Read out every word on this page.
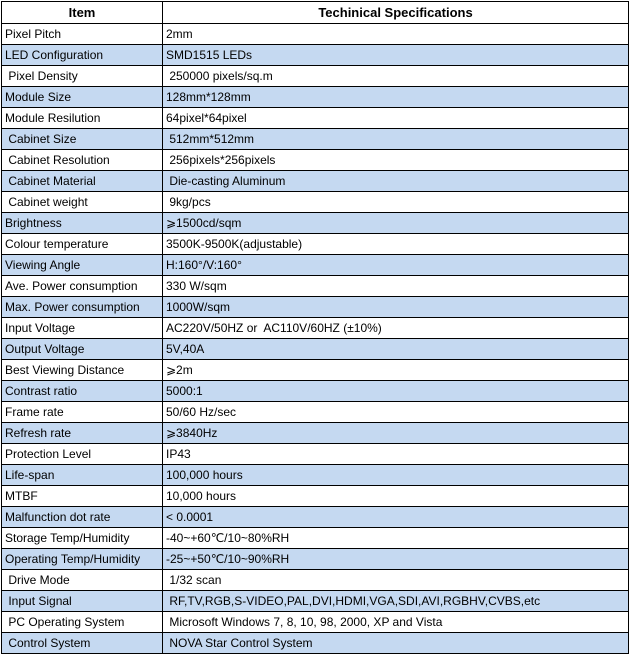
Item	Techinical Specifications
Pixel Pitch	2mm
LED Configuration	SMD1515 LEDs
Pixel Density	250000 pixels/sq.m
Module Size	128mm*128mm
Module Resilution	64pixel*64pixel
Cabinet Size	512mm*512mm
Cabinet Resolution	256pixels*256pixels
Cabinet Material	Die-casting Aluminum
Cabinet weight	9kg/pcs
Brightness	⩾1500cd/sqm
Colour temperature	3500K-9500K(adjustable)
Viewing Angle	H:160°/V:160°
Ave. Power consumption	330 W/sqm
Max. Power consumption	1000W/sqm
Input Voltage	AC220V/50HZ or  AC110V/60HZ (±10%)
Output Voltage	5V,40A
Best Viewing Distance	⩾2m
Contrast ratio	5000:1
Frame rate	50/60 Hz/sec
Refresh rate	⩾3840Hz
Protection Level	IP43
Life-span	100,000 hours
MTBF	10,000 hours
Malfunction dot rate	< 0.0001
Storage Temp/Humidity	-40~+60℃/10~80%RH
Operating Temp/Humidity	-25~+50℃/10~90%RH
Drive Mode	1/32 scan
Input Signal	RF,TV,RGB,S-VIDEO,PAL,DVI,HDMI,VGA,SDI,AVI,RGBHV,CVBS,etc
PC Operating System	Microsoft Windows 7, 8, 10, 98, 2000, XP and Vista
Control System	NOVA Star Control System
